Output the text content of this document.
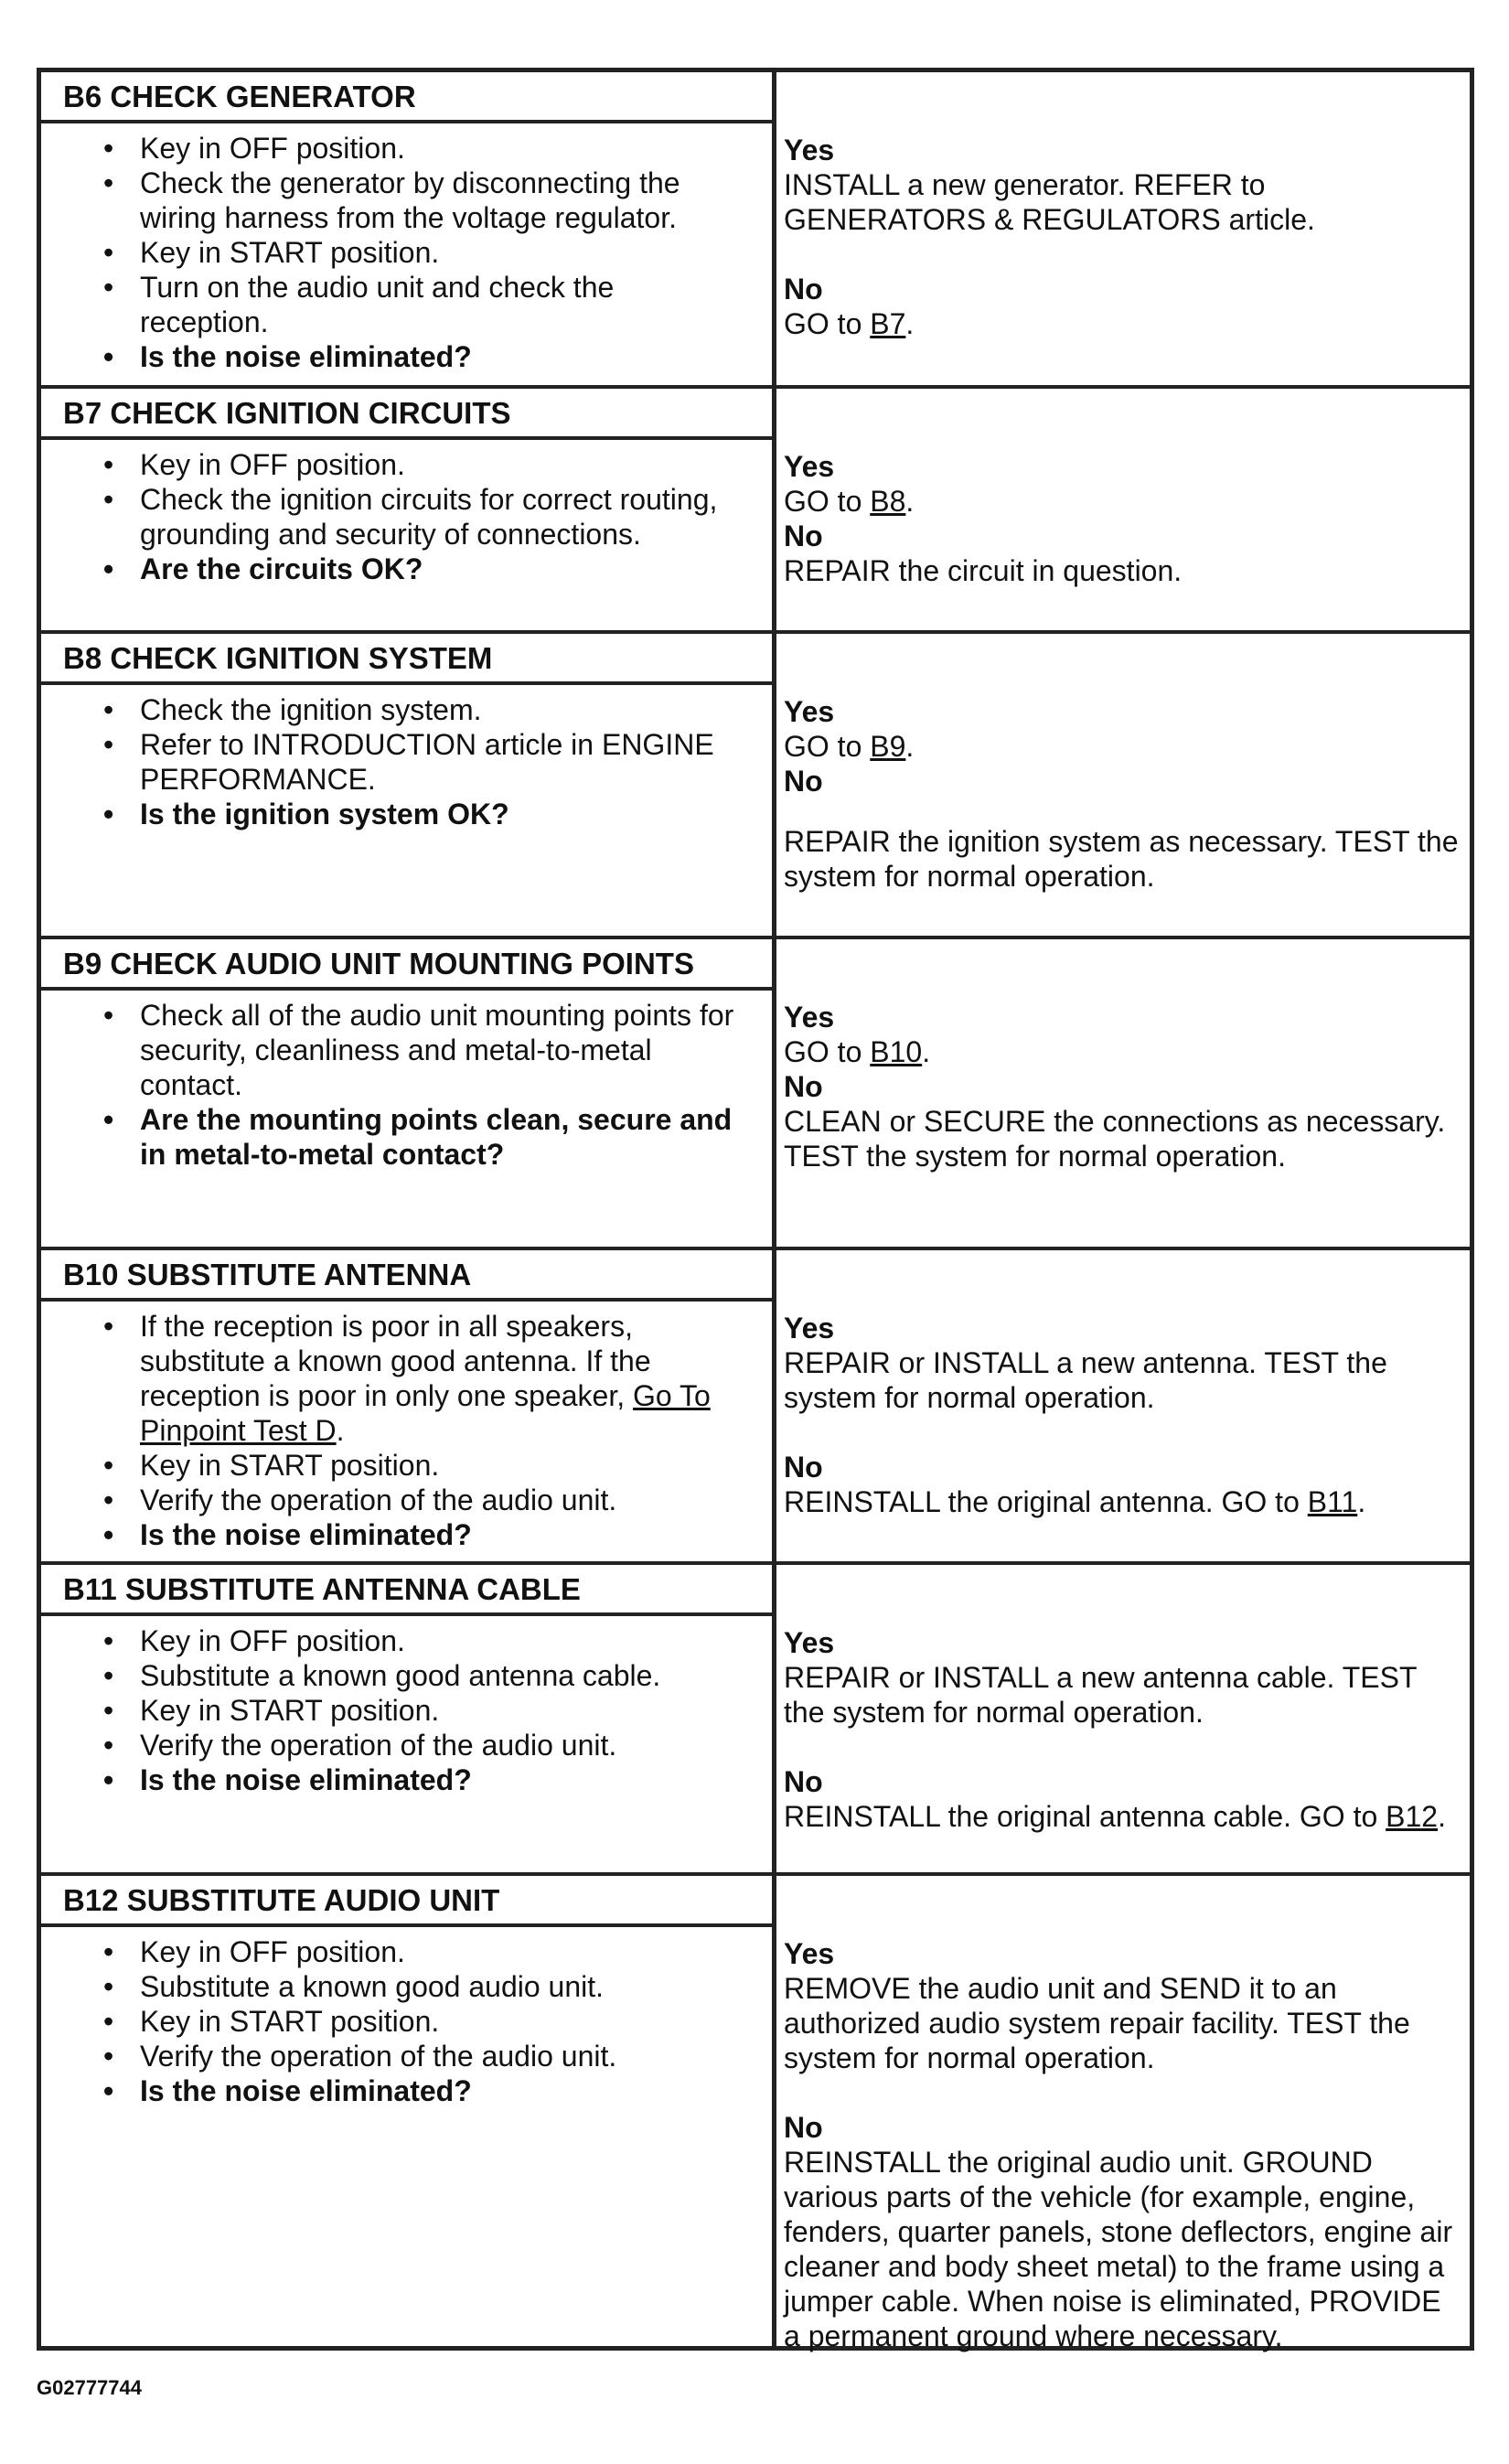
B6 CHECK GENERATOR
• Key in OFF position.
• Check the generator by disconnecting the wiring harness from the voltage regulator.
• Key in START position.
• Turn on the audio unit and check the reception.
• Is the noise eliminated?
Yes
INSTALL a new generator. REFER to GENERATORS & REGULATORS article.
No
GO to B7.
B7 CHECK IGNITION CIRCUITS
• Key in OFF position.
• Check the ignition circuits for correct routing, grounding and security of connections.
• Are the circuits OK?
Yes
GO to B8.
No
REPAIR the circuit in question.
B8 CHECK IGNITION SYSTEM
• Check the ignition system.
• Refer to INTRODUCTION article in ENGINE PERFORMANCE.
• Is the ignition system OK?
Yes
GO to B9.
No
REPAIR the ignition system as necessary. TEST the system for normal operation.
B9 CHECK AUDIO UNIT MOUNTING POINTS
• Check all of the audio unit mounting points for security, cleanliness and metal-to-metal contact.
• Are the mounting points clean, secure and in metal-to-metal contact?
Yes
GO to B10.
No
CLEAN or SECURE the connections as necessary. TEST the system for normal operation.
B10 SUBSTITUTE ANTENNA
• If the reception is poor in all speakers, substitute a known good antenna. If the reception is poor in only one speaker, Go To Pinpoint Test D.
• Key in START position.
• Verify the operation of the audio unit.
• Is the noise eliminated?
Yes
REPAIR or INSTALL a new antenna. TEST the system for normal operation.
No
REINSTALL the original antenna. GO to B11.
B11 SUBSTITUTE ANTENNA CABLE
• Key in OFF position.
• Substitute a known good antenna cable.
• Key in START position.
• Verify the operation of the audio unit.
• Is the noise eliminated?
Yes
REPAIR or INSTALL a new antenna cable. TEST the system for normal operation.
No
REINSTALL the original antenna cable. GO to B12.
B12 SUBSTITUTE AUDIO UNIT
• Key in OFF position.
• Substitute a known good audio unit.
• Key in START position.
• Verify the operation of the audio unit.
• Is the noise eliminated?
Yes
REMOVE the audio unit and SEND it to an authorized audio system repair facility. TEST the system for normal operation.
No
REINSTALL the original audio unit. GROUND various parts of the vehicle (for example, engine, fenders, quarter panels, stone deflectors, engine air cleaner and body sheet metal) to the frame using a jumper cable. When noise is eliminated, PROVIDE a permanent ground where necessary.
G02777744
